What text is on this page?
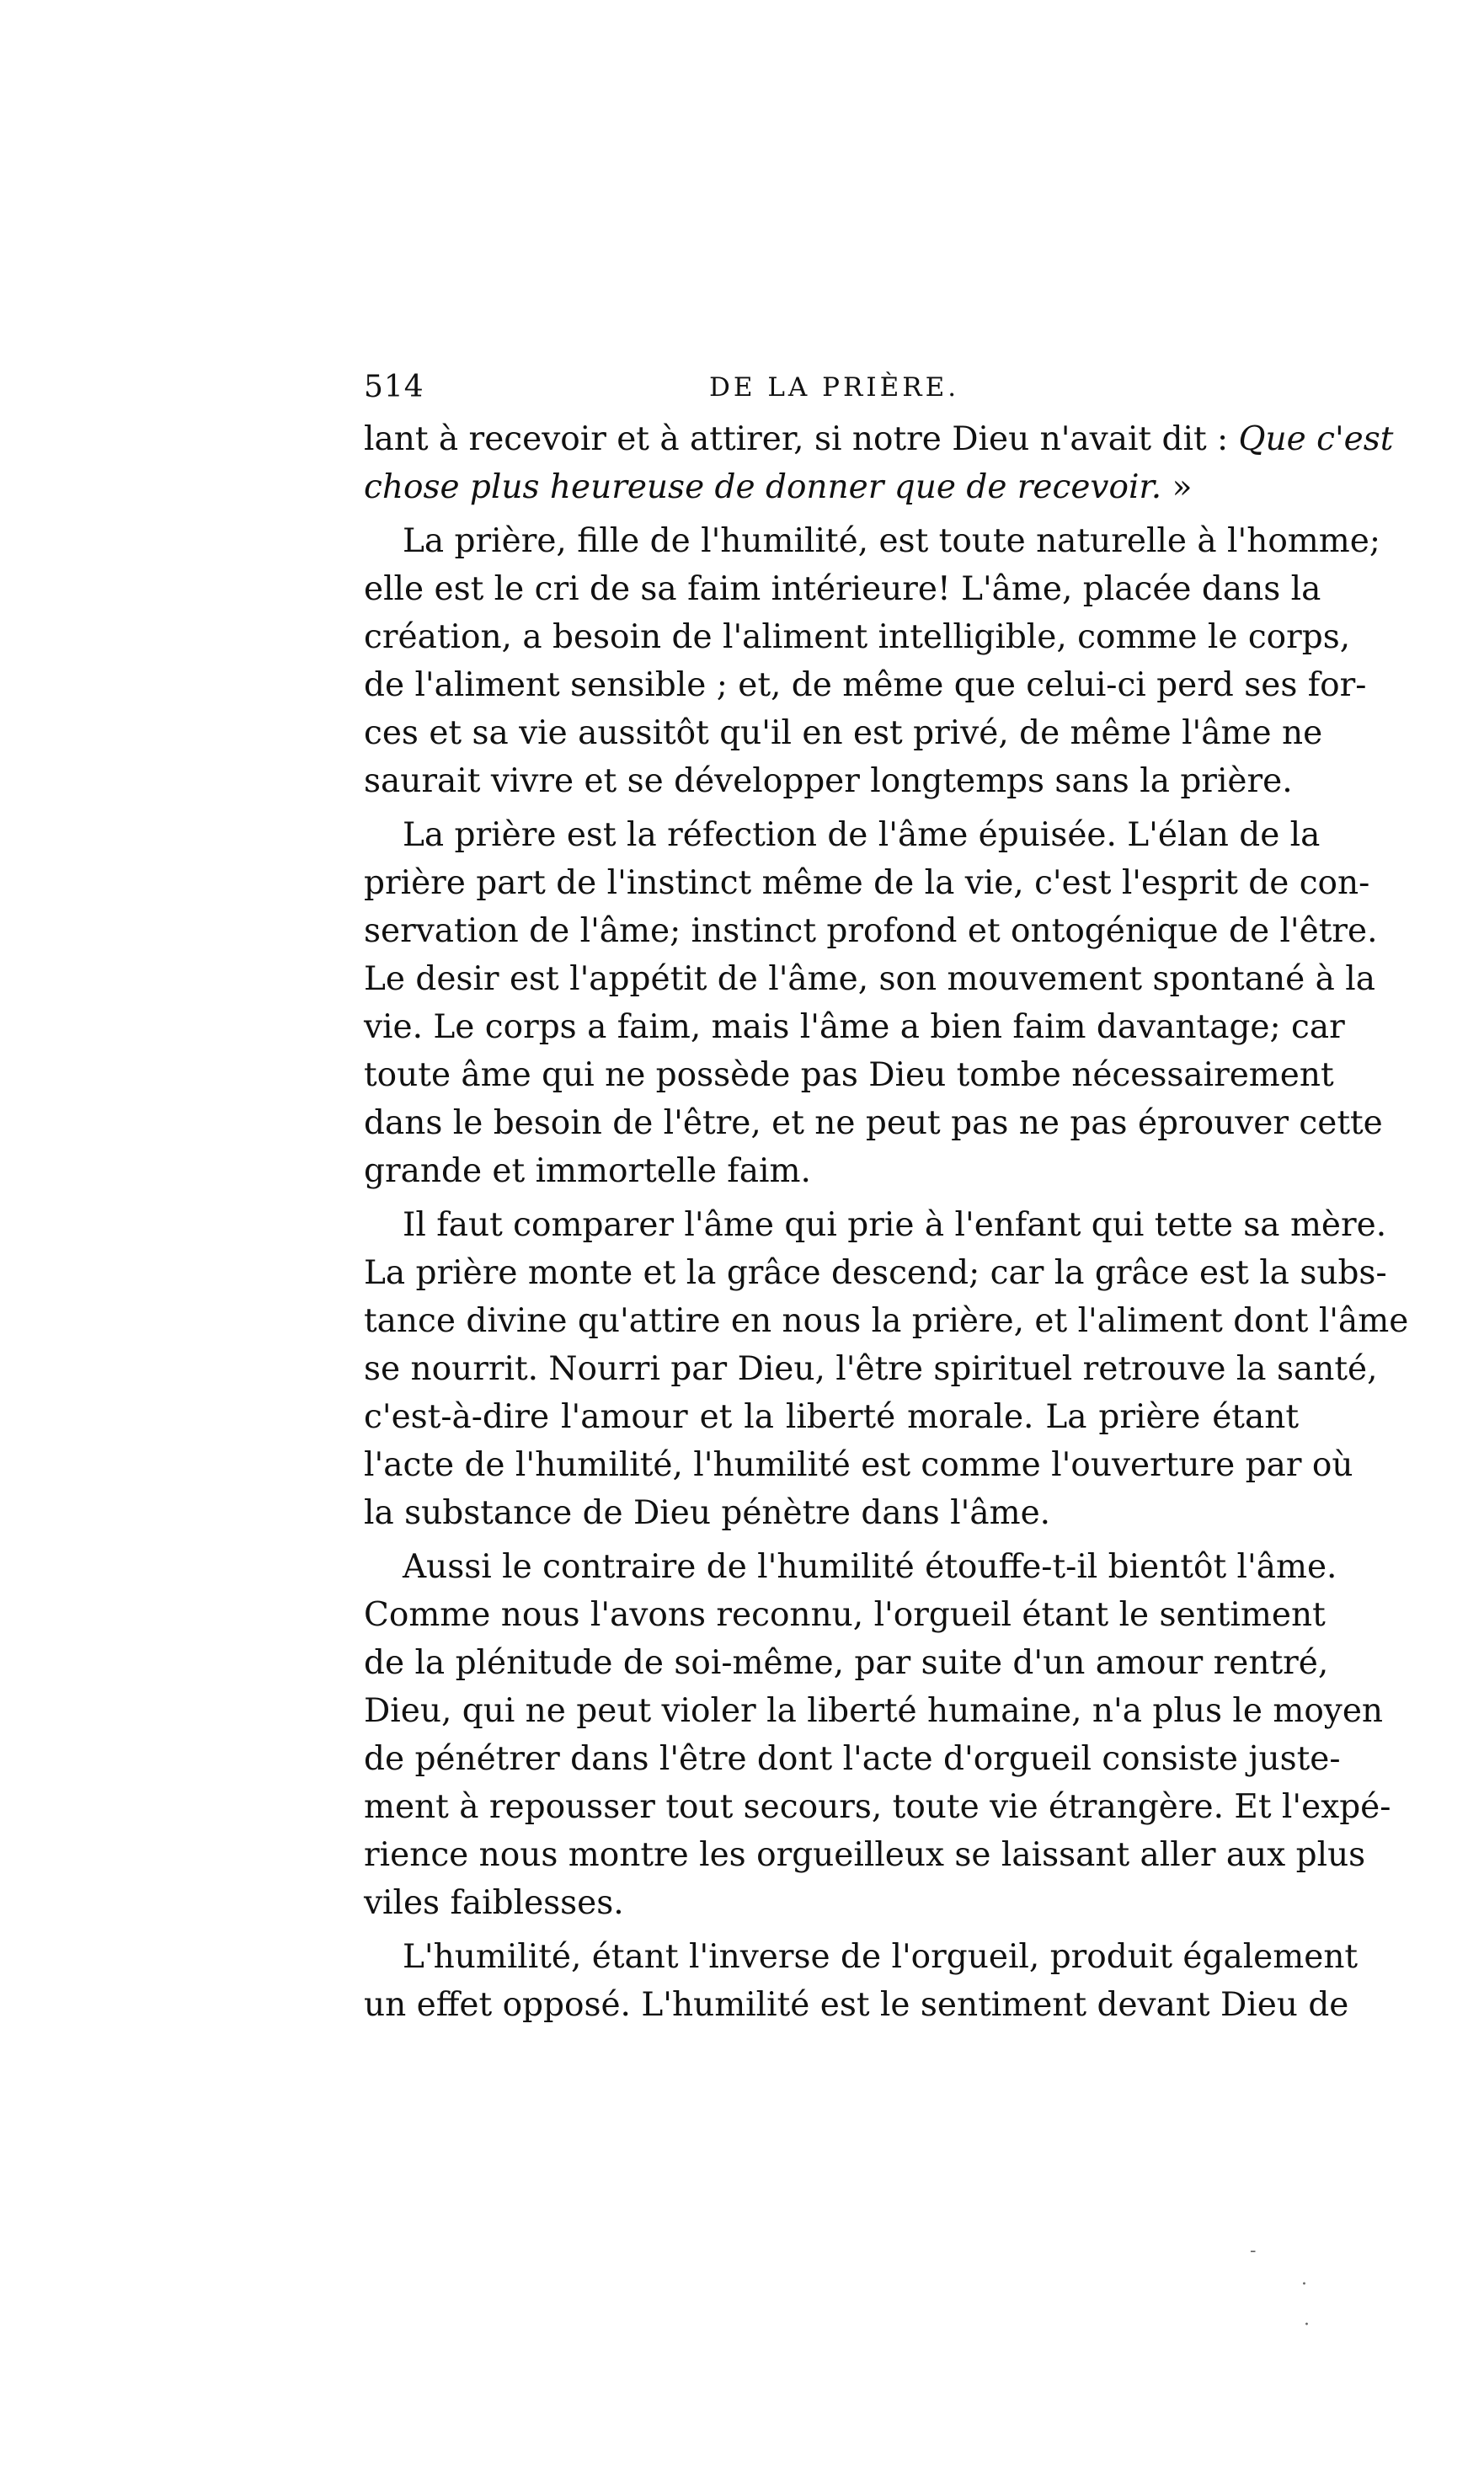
514	DE LA PRIÈRE.
lant à recevoir et à attirer, si notre Dieu n'avait dit : Que c'est
chose plus heureuse de donner que de recevoir. »
La prière, fille de l'humilité, est toute naturelle à l'homme;
elle est le cri de sa faim intérieure! L'âme, placée dans la
création, a besoin de l'aliment intelligible, comme le corps,
de l'aliment sensible ; et, de même que celui-ci perd ses for-
ces et sa vie aussitôt qu'il en est privé, de même l'âme ne
saurait vivre et se développer longtemps sans la prière.
La prière est la réfection de l'âme épuisée. L'élan de la
prière part de l'instinct même de la vie, c'est l'esprit de con-
servation de l'âme; instinct profond et ontogénique de l'être.
Le desir est l'appétit de l'âme, son mouvement spontané à la
vie. Le corps a faim, mais l'âme a bien faim davantage; car
toute âme qui ne possède pas Dieu tombe nécessairement
dans le besoin de l'être, et ne peut pas ne pas éprouver cette
grande et immortelle faim.
Il faut comparer l'âme qui prie à l'enfant qui tette sa mère.
La prière monte et la grâce descend; car la grâce est la subs-
tance divine qu'attire en nous la prière, et l'aliment dont l'âme
se nourrit. Nourri par Dieu, l'être spirituel retrouve la santé,
c'est-à-dire l'amour et la liberté morale. La prière étant
l'acte de l'humilité, l'humilité est comme l'ouverture par où
la substance de Dieu pénètre dans l'âme.
Aussi le contraire de l'humilité étouffe-t-il bientôt l'âme.
Comme nous l'avons reconnu, l'orgueil étant le sentiment
de la plénitude de soi-même, par suite d'un amour rentré,
Dieu, qui ne peut violer la liberté humaine, n'a plus le moyen
de pénétrer dans l'être dont l'acte d'orgueil consiste juste-
ment à repousser tout secours, toute vie étrangère. Et l'expé-
rience nous montre les orgueilleux se laissant aller aux plus
viles faiblesses.
L'humilité, étant l'inverse de l'orgueil, produit également
un effet opposé. L'humilité est le sentiment devant Dieu de
-
·
·
